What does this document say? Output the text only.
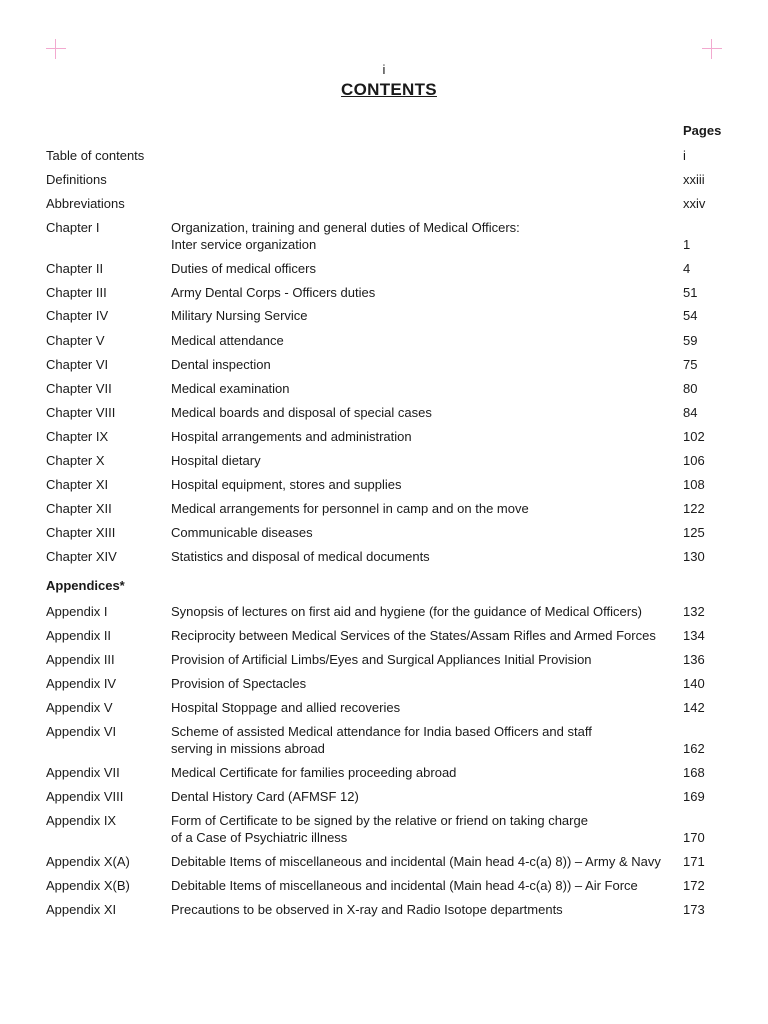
i
CONTENTS
Pages
Table of contents	i
Definitions	xxiii
Abbreviations	xxiv
Chapter I	Organization, training and general duties of Medical Officers:
Inter service organization	1
Chapter II	Duties of medical officers	4
Chapter III	Army Dental Corps - Officers duties	51
Chapter IV	Military Nursing Service	54
Chapter V	Medical attendance	59
Chapter VI	Dental inspection	75
Chapter VII	Medical examination	80
Chapter VIII	Medical boards and disposal of special cases	84
Chapter IX	Hospital arrangements and administration	102
Chapter X	Hospital dietary	106
Chapter XI	Hospital equipment, stores and supplies	108
Chapter XII	Medical arrangements for personnel in camp and on the move	122
Chapter XIII	Communicable diseases	125
Chapter XIV	Statistics and disposal of medical documents	130
Appendices*
Appendix I	Synopsis of lectures on first aid and hygiene (for the guidance of Medical Officers)	132
Appendix II	Reciprocity between Medical Services of the States/Assam Rifles and Armed Forces	134
Appendix III	Provision of Artificial Limbs/Eyes and Surgical Appliances Initial Provision	136
Appendix IV	Provision of Spectacles	140
Appendix V	Hospital Stoppage and allied recoveries	142
Appendix VI	Scheme of assisted Medical attendance for India based Officers and staff
serving in missions abroad	162
Appendix VII	Medical Certificate for families proceeding abroad	168
Appendix VIII	Dental History Card (AFMSF 12)	169
Appendix IX	Form of Certificate to be signed by the relative or friend on taking charge
of a Case of Psychiatric illness	170
Appendix X(A)	Debitable Items of miscellaneous and incidental (Main head 4-c(a) 8)) – Army & Navy	171
Appendix X(B)	Debitable Items of miscellaneous and incidental (Main head 4-c(a) 8)) – Air Force	172
Appendix XI	Precautions to be observed in X-ray and Radio Isotope departments	173
